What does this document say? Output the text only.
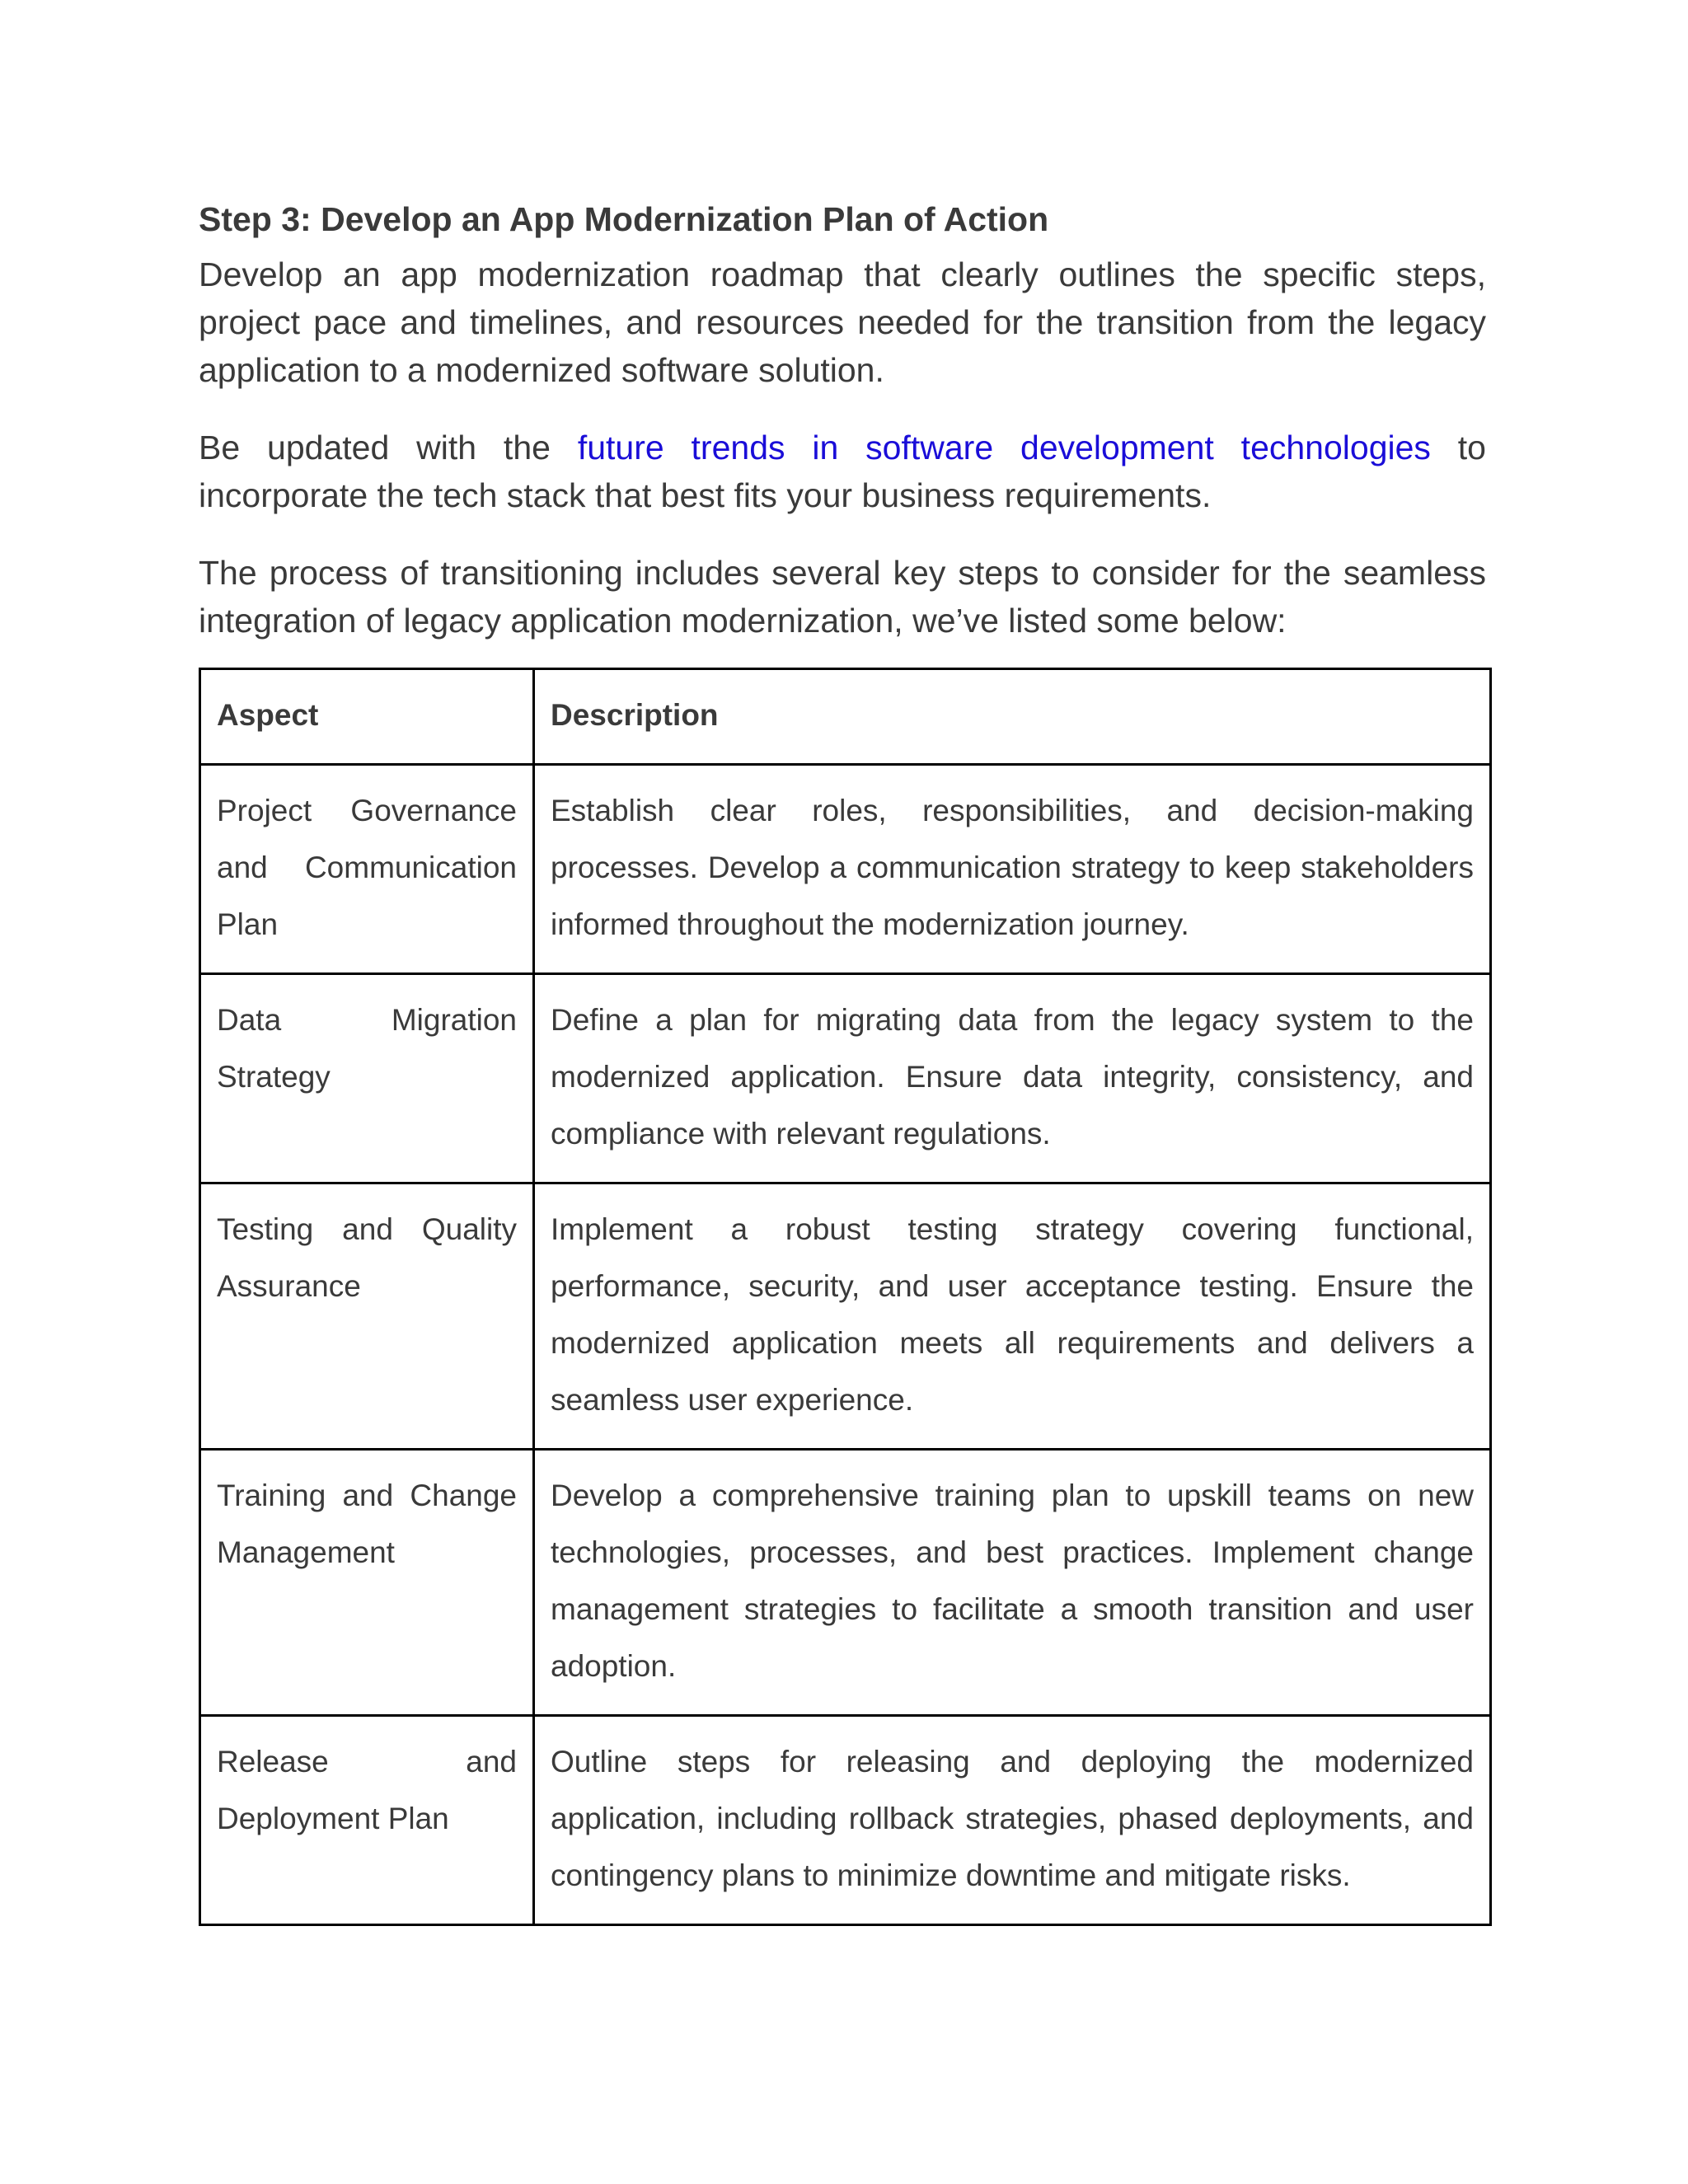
Step 3: Develop an App Modernization Plan of Action

Develop an app modernization roadmap that clearly outlines the specific steps, project pace and timelines, and resources needed for the transition from the legacy application to a modernized software solution.

Be updated with the future trends in software development technologies to incorporate the tech stack that best fits your business requirements.

The process of transitioning includes several key steps to consider for the seamless integration of legacy application modernization, we’ve listed some below:

Aspect	Description
Project Governance and Communication Plan	Establish clear roles, responsibilities, and decision-making processes. Develop a communication strategy to keep stakeholders informed throughout the modernization journey.
Data Migration Strategy	Define a plan for migrating data from the legacy system to the modernized application. Ensure data integrity, consistency, and compliance with relevant regulations.
Testing and Quality Assurance	Implement a robust testing strategy covering functional, performance, security, and user acceptance testing. Ensure the modernized application meets all requirements and delivers a seamless user experience.
Training and Change Management	Develop a comprehensive training plan to upskill teams on new technologies, processes, and best practices. Implement change management strategies to facilitate a smooth transition and user adoption.
Release and Deployment Plan	Outline steps for releasing and deploying the modernized application, including rollback strategies, phased deployments, and contingency plans to minimize downtime and mitigate risks.
